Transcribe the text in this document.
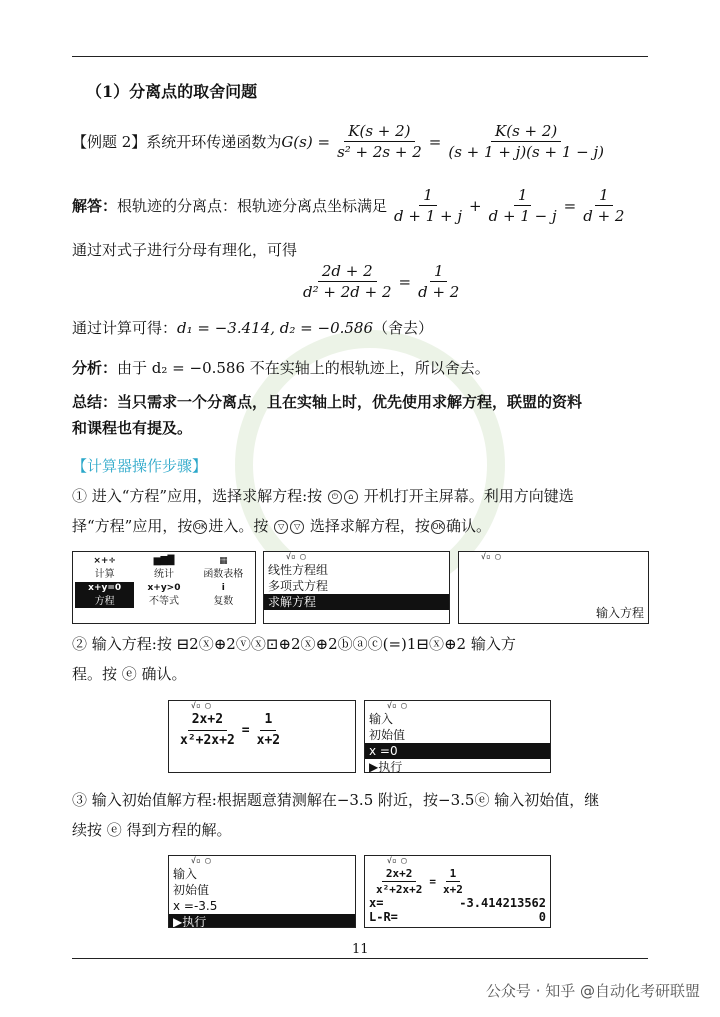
（1）分离点的取舍问题
【例题 2】系统开环传递函数为 $G(s) = \frac{K(s + 2)}{\text{s² + 2s + 2}} = \frac{K(s + 2)}{(s + 1 + j)(s + 1 - j)}$
解答： 根轨迹的分离点：根轨迹分离点坐标满足 $\frac{1}{d + 1 + j} + \frac{1}{d + 1 - j} = \frac{1}{d + 2}$
通过对式子进行分母有理化，可得
$\frac{2d + 2}{\text{d² + 2d + 2}} = \frac{1}{d + 2}$
通过计算可得：d₁ = −3.414, d₂ = −0.586（舍去）
分析：由于 d₂ = −0.586 不在实轴上的根轨迹上，所以舍去。
总结：当只需求一个分离点，且在实轴上时，优先使用求解方程，联盟的资料
和课程也有提及。
【计算器操作步骤】
① 进入“方程”应用，选择求解方程:按 ⏻ ⌂ 开机打开主屏幕。利用方向键选
择“方程”应用，按 OK 进入。按 ▽ ▽ 选择求解方程，按 OK 确认。
×+÷
计算
▆▇█
统计
▦
函数表格
x+y=0
方程
x+y>0
不等式
i
复数
√▫ ▢
线性方程组
多项式方程
求解方程
√▫ ▢
输入方程
② 输入方程:按 ⊟2ⓧ⊕2ⓥⓧ⊡⊕2ⓧ⊕2ⓑⓐⓒ(=)1⊟ⓧ⊕2 输入方
程。按 ⓔ 确认。
√▫ ▢
$\frac{2x+2}{\text{x²+2x+2}} = \frac{1}{x+2}$
√▫ ▢
输入
初始值
x =0
▶执行
③ 输入初始值解方程:根据题意猜测解在−3.5 附近，按−3.5ⓔ 输入初始值，继
续按 ⓔ 得到方程的解。
√▫ ▢
输入
初始值
x =-3.5
▶执行
√▫ ▢
$\frac{2x+2}{\text{x²+2x+2}} = \frac{1}{x+2}$
x=	-3.414213562
L-R=	0
11
公众号 · 知乎 @自动化考研联盟
